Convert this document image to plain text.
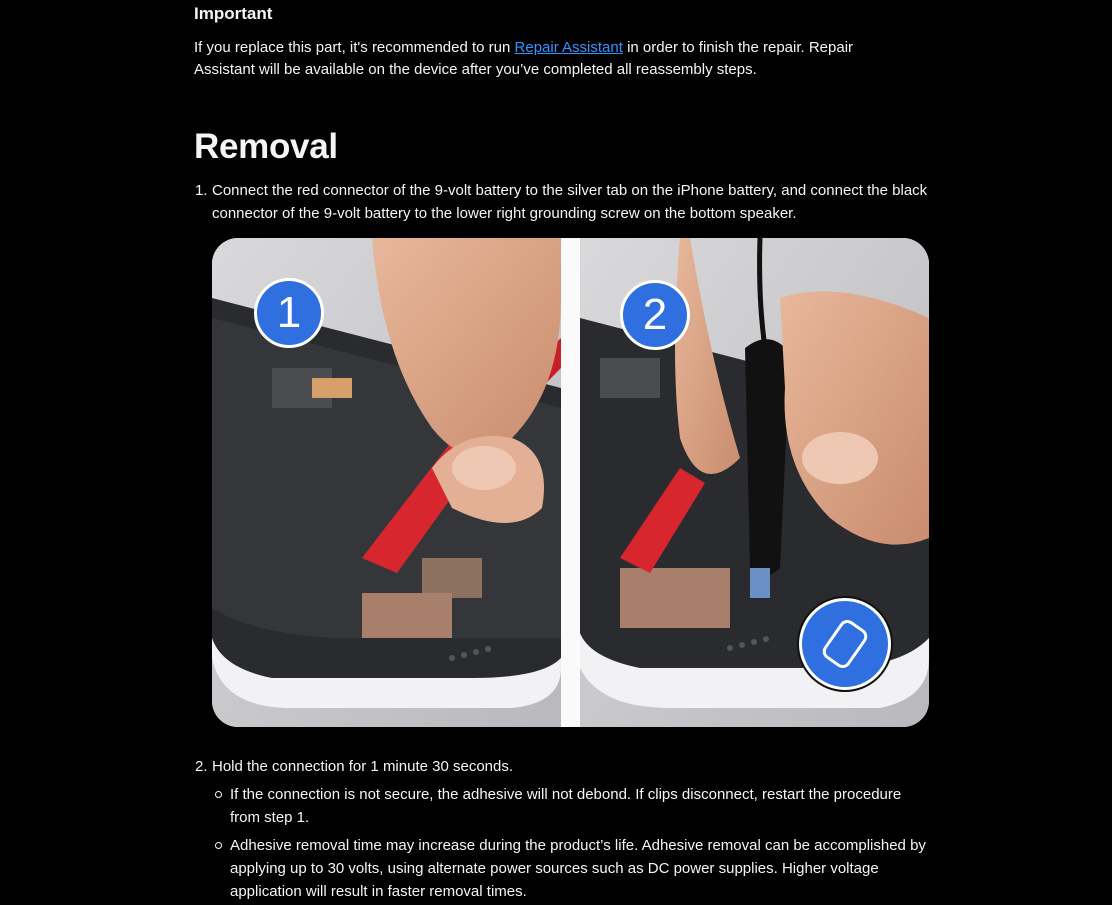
Important

If you replace this part, it's recommended to run Repair Assistant in order to finish the repair. Repair Assistant will be available on the device after you’ve completed all reassembly steps.

Removal
1. Connect the red connector of the 9-volt battery to the silver tab on the iPhone battery, and connect the black connector of the 9-volt battery to the lower right grounding screw on the bottom speaker.
2. Hold the connection for 1 minute 30 seconds.
If the connection is not secure, the adhesive will not debond. If clips disconnect, restart the procedure from step 1.
Adhesive removal time may increase during the product’s life. Adhesive removal can be accomplished by applying up to 30 volts, using alternate power sources such as DC power supplies. Higher voltage application will result in faster removal times.
1	2
